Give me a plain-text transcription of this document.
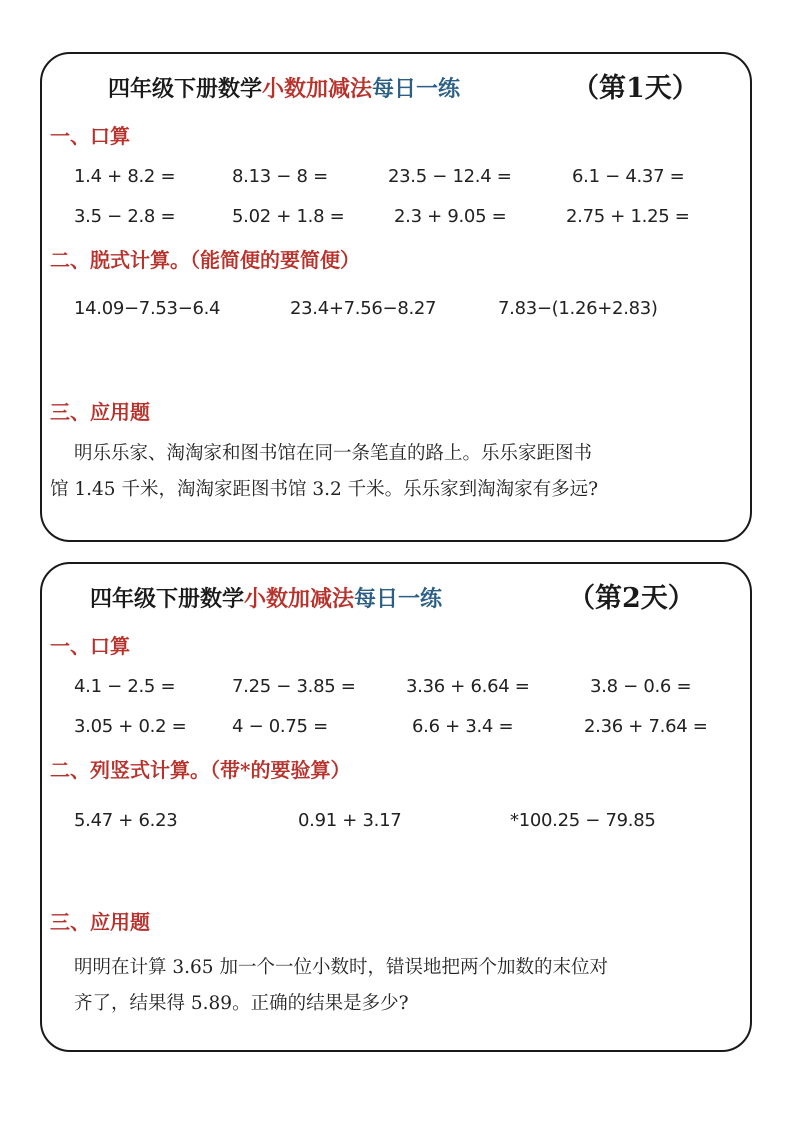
四年级下册数学小数加减法每日一练	（第1天）
一、口算
1.4 + 8.2 =	8.13 − 8 =	23.5 − 12.4 =	6.1 − 4.37 =
3.5 − 2.8 =	5.02 + 1.8 =	2.3 + 9.05 =	2.75 + 1.25 =
二、脱式计算。（能简便的要简便）
14.09−7.53−6.4	23.4+7.56−8.27	7.83−(1.26+2.83)
三、应用题

明乐乐家、淘淘家和图书馆在同一条笔直的路上。乐乐家距图书

馆 1.45 千米，淘淘家距图书馆 3.2 千米。乐乐家到淘淘家有多远?

四年级下册数学小数加减法每日一练	（第2天）
一、口算
4.1 − 2.5 =	7.25 − 3.85 =	3.36 + 6.64 =	3.8 − 0.6 =
3.05 + 0.2 =	4 − 0.75 =	6.6 + 3.4 =	2.36 + 7.64 =
二、列竖式计算。（带*的要验算）
5.47 + 6.23	0.91 + 3.17	*100.25 − 79.85
三、应用题

明明在计算 3.65 加一个一位小数时，错误地把两个加数的末位对

齐了，结果得 5.89。正确的结果是多少?
